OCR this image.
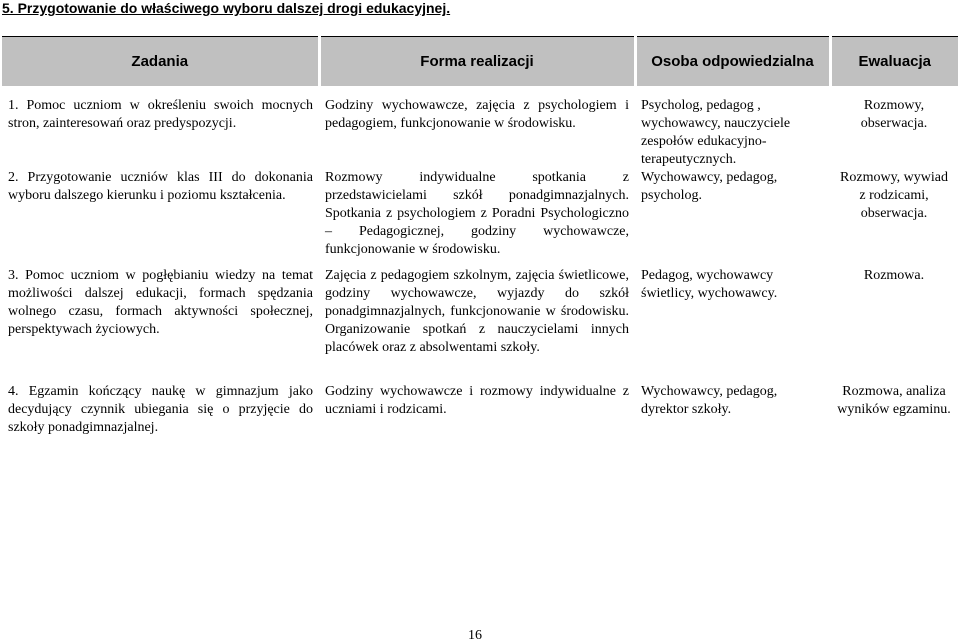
5. Przygotowanie do właściwego wyboru dalszej drogi edukacyjnej.
Zadania	Forma realizacji	Osoba odpowiedzialna	Ewaluacja
1. Pomoc uczniom w określeniu swoich mocnych stron, zainteresowań oraz predyspozycji.	Godziny wychowawcze, zajęcia z psychologiem i pedagogiem, funkcjonowanie w środowisku.	Psycholog, pedagog , wychowawcy, nauczyciele zespołów edukacyjno-terapeutycznych.	Rozmowy, obserwacja.
2. Przygotowanie uczniów klas III do dokonania wyboru dalszego kierunku i poziomu kształcenia.	Rozmowy indywidualne spotkania z przedstawicielami szkół ponadgimnazjalnych. Spotkania z psychologiem z Poradni Psychologiczno – Pedagogicznej, godziny wychowawcze, funkcjonowanie w środowisku.	Wychowawcy, pedagog, psycholog.	Rozmowy, wywiad z rodzicami, obserwacja.
3. Pomoc uczniom w pogłębianiu wiedzy na temat możliwości dalszej edukacji, formach spędzania wolnego czasu, formach aktywności społecznej, perspektywach życiowych.	Zajęcia z pedagogiem szkolnym, zajęcia świetlicowe, godziny wychowawcze, wyjazdy do szkół ponadgimnazjalnych, funkcjonowanie w środowisku. Organizowanie spotkań z nauczycielami innych placówek oraz z absolwentami szkoły.	Pedagog, wychowawcy świetlicy, wychowawcy.	Rozmowa.
4. Egzamin kończący naukę w gimnazjum jako decydujący czynnik ubiegania się o przyjęcie do szkoły ponadgimnazjalnej.	Godziny wychowawcze i rozmowy indywidualne z uczniami i rodzicami.	Wychowawcy, pedagog, dyrektor szkoły.	Rozmowa, analiza wyników egzaminu.
16
